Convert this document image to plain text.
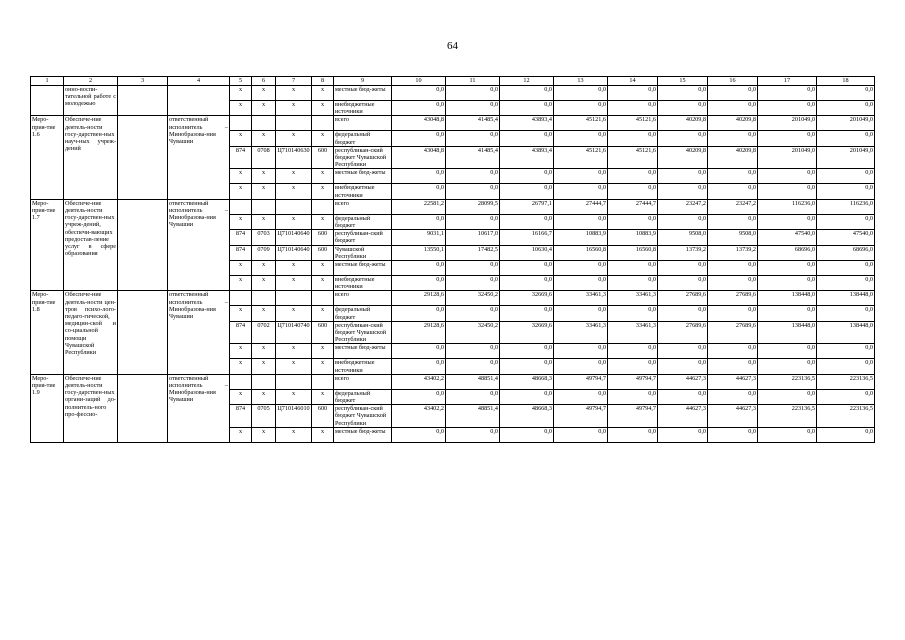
64
1	2	3	4	5	6	7	8	9	10	11	12	13	14	15	16	17	18
	онно-воспи-тательной работе с молодежью			x	x	x	x	местные бюд-жеты	0,0	0,0	0,0	0,0	0,0	0,0	0,0	0,0	0,0
				x	x	x	x	внебюджетные источники	0,0	0,0	0,0	0,0	0,0	0,0	0,0	0,0	0,0
Меро-прия-тие 1.6	Обеспече-ние деятель-ности госу-дарствен-ных науч-ных учреж-дений		ответственный исполнитель – Минобразова-ния Чувашии					всего	43048,8	41485,4	43893,4	45121,6	45121,6	40209,8	40209,8	201049,0	201049,0
				x	x	x	x	федеральный бюджет	0,0	0,0	0,0	0,0	0,0	0,0	0,0	0,0	0,0
				874	0708	Ц710140630	600	республикан-ский бюджет Чувашской Республики	43048,8	41485,4	43893,4	45121,6	45121,6	40209,8	40209,8	201049,0	201049,0
				x	x	x	x	местные бюд-жеты	0,0	0,0	0,0	0,0	0,0	0,0	0,0	0,0	0,0
				x	x	x	x	внебюджетные источники	0,0	0,0	0,0	0,0	0,0	0,0	0,0	0,0	0,0
Меро-прия-тие 1.7	Обеспече-ние деятель-ности госу-дарствен-ных учреж-дений, обеспечи-вающих предостав-ление услуг в сфере образования		ответственный исполнитель – Минобразова-ния Чувашии					всего	22581,2	28099,5	26797,1	27444,7	27444,7	23247,2	23247,2	116236,0	116236,0
				x	x	x	x	федеральный бюджет	0,0	0,0	0,0	0,0	0,0	0,0	0,0	0,0	0,0
				874	0703	Ц710140640	600	республикан-ский бюджет	9031,1	10617,0	16166,7	10883,9	10883,9	9508,0	9508,0	47540,0	47540,0
				874	0709	Ц710140640	600	Чувашской Республики	13550,1	17482,5	10630,4	16560,8	16560,8	13739,2	13739,2	68696,0	68696,0
				x	x	x	x	местные бюд-жеты	0,0	0,0	0,0	0,0	0,0	0,0	0,0	0,0	0,0
				x	x	x	x	внебюджетные источники	0,0	0,0	0,0	0,0	0,0	0,0	0,0	0,0	0,0
Меро-прия-тие 1.8	Обеспече-ние деятель-ности цен-тров психо-лого-педаго-гической, медицин-ской и со-циальной помощи Чувашской Республики		ответственный исполнитель – Минобразова-ния Чувашии					всего	29128,6	32450,2	32669,6	33461,3	33461,3	27689,6	27689,6	138448,0	138448,0
				x	x	x	x	федеральный бюджет	0,0	0,0	0,0	0,0	0,0	0,0	0,0	0,0	0,0
				874	0702	Ц710140740	600	республикан-ский бюджет Чувашской Республики	29128,6	32450,2	32669,6	33461,3	33461,3	27689,6	27689,6	138448,0	138448,0
				x	x	x	x	местные бюд-жеты	0,0	0,0	0,0	0,0	0,0	0,0	0,0	0,0	0,0
				x	x	x	x	внебюджетные источники	0,0	0,0	0,0	0,0	0,0	0,0	0,0	0,0	0,0
Меро-прия-тие 1.9	Обеспече-ние деятель-ности госу-дарствен-ных органи-заций до-полнитель-ного про-фессио-		ответственный исполнитель – Минобразова-ния Чувашии					всего	43402,2	48851,4	48668,3	49794,7	49794,7	44627,3	44627,3	223136,5	223136,5
				x	x	x	x	федеральный бюджет	0,0	0,0	0,0	0,0	0,0	0,0	0,0	0,0	0,0
				874	0705	Ц710146010	600	республикан-ский бюджет Чувашской Республики	43402,2	48851,4	48668,3	49794,7	49794,7	44627,3	44627,3	223136,5	223136,5
				x	x	x	x	местные бюд-жеты	0,0	0,0	0,0	0,0	0,0	0,0	0,0	0,0	0,0
